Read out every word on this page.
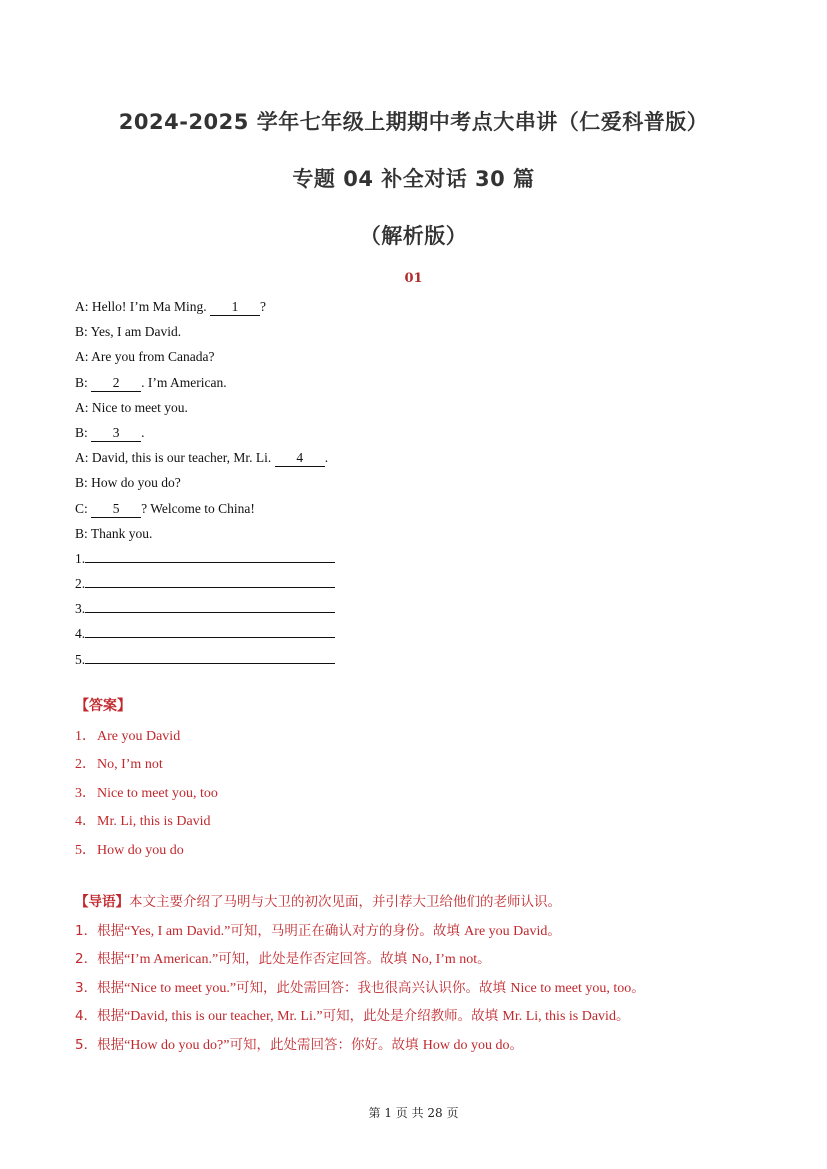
2024-2025 学年七年级上期期中考点大串讲（仁爱科普版）
专题 04 补全对话 30 篇
（解析版）
01
A: Hello! I’m Ma Ming. 1 ?
B: Yes, I am David.
A: Are you from Canada?
B: 2 . I’m American.
A: Nice to meet you.
B: 3 .
A: David, this is our teacher, Mr. Li. 4 .
B: How do you do?
C: 5 ? Welcome to China!
B: Thank you.
1.
2.
3.
4.
5.
【答案】
1．Are you David
2．No, I’m not
3．Nice to meet you, too
4．Mr. Li, this is David
5．How do you do
【导语】本文主要介绍了马明与大卫的初次见面，并引荐大卫给他们的老师认识。
1．根据“Yes, I am David.”可知，马明正在确认对方的身份。故填 Are you David。
2．根据“I’m American.”可知，此处是作否定回答。故填 No, I’m not。
3．根据“Nice to meet you.”可知，此处需回答：我也很高兴认识你。故填 Nice to meet you, too。
4．根据“David, this is our teacher, Mr. Li.”可知，此处是介绍教师。故填 Mr. Li, this is David。
5．根据“How do you do?”可知，此处需回答：你好。故填 How do you do。
第 1 页 共 28 页
